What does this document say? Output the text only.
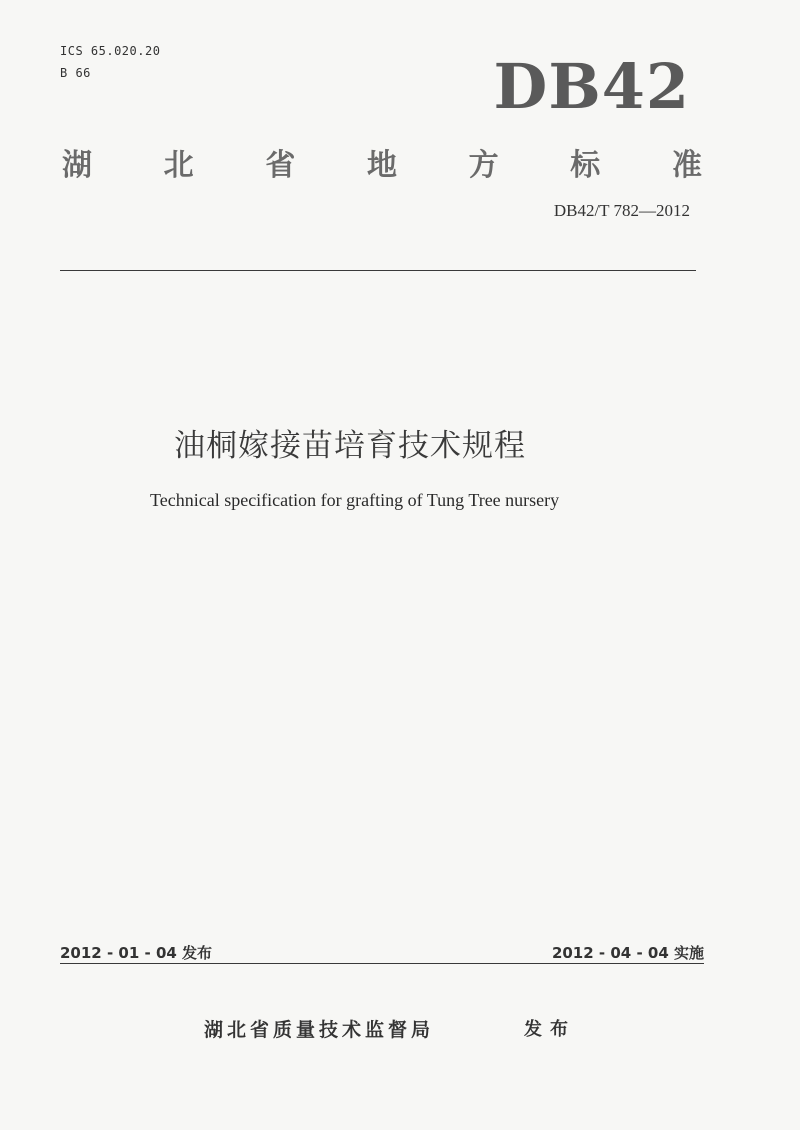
ICS 65.020.20
B 66	DB42
湖 北 省 地 方 标 准
DB42/T 782—2012
油桐嫁接苗培育技术规程
Technical specification for grafting of Tung Tree nursery
2012 - 01 - 04 发布	2012 - 04 - 04 实施
湖北省质量技术监督局	发布
